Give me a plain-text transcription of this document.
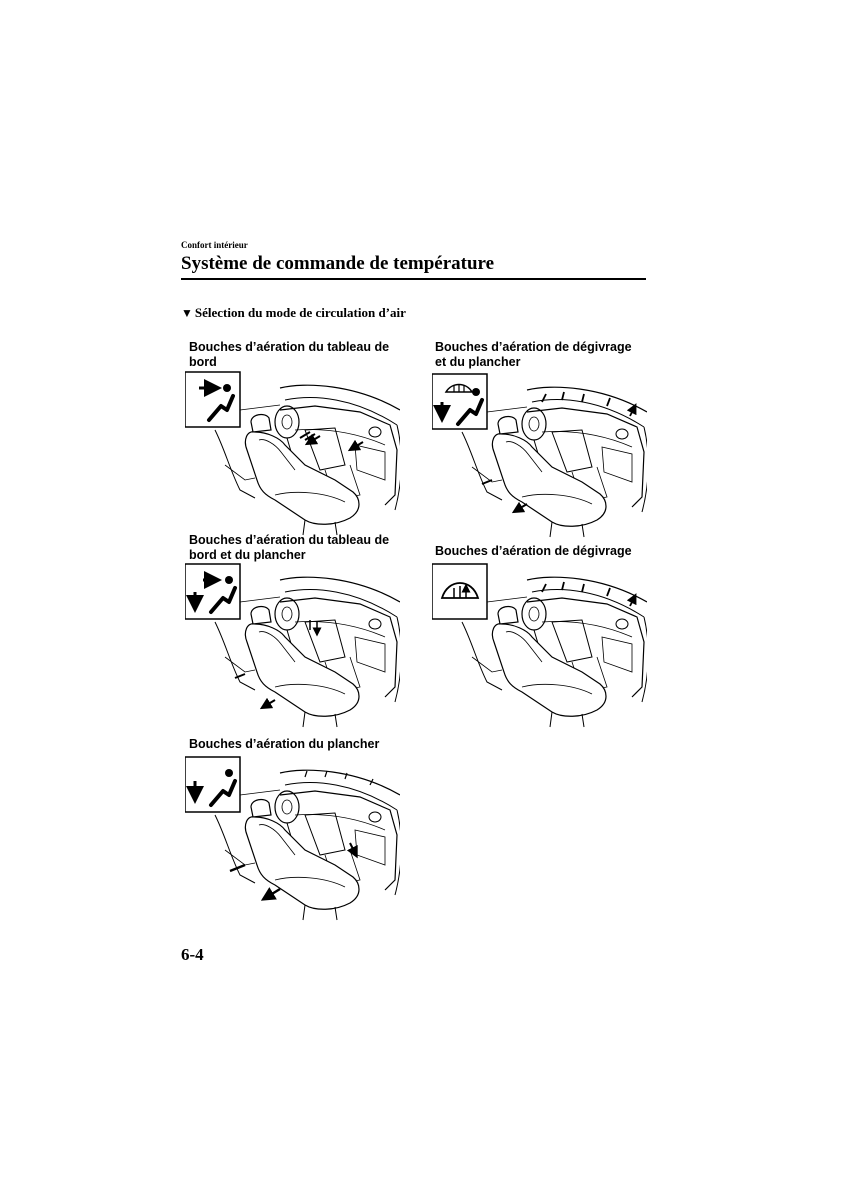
Confort intérieur
Système de commande de température
▼ Sélection du mode de circulation d’air
Bouches d’aération du tableau de
bord
Bouches d’aération de dégivrage
et du plancher
Bouches d’aération du tableau de
bord et du plancher	Bouches d’aération de dégivrage
Bouches d’aération du plancher
6-4
